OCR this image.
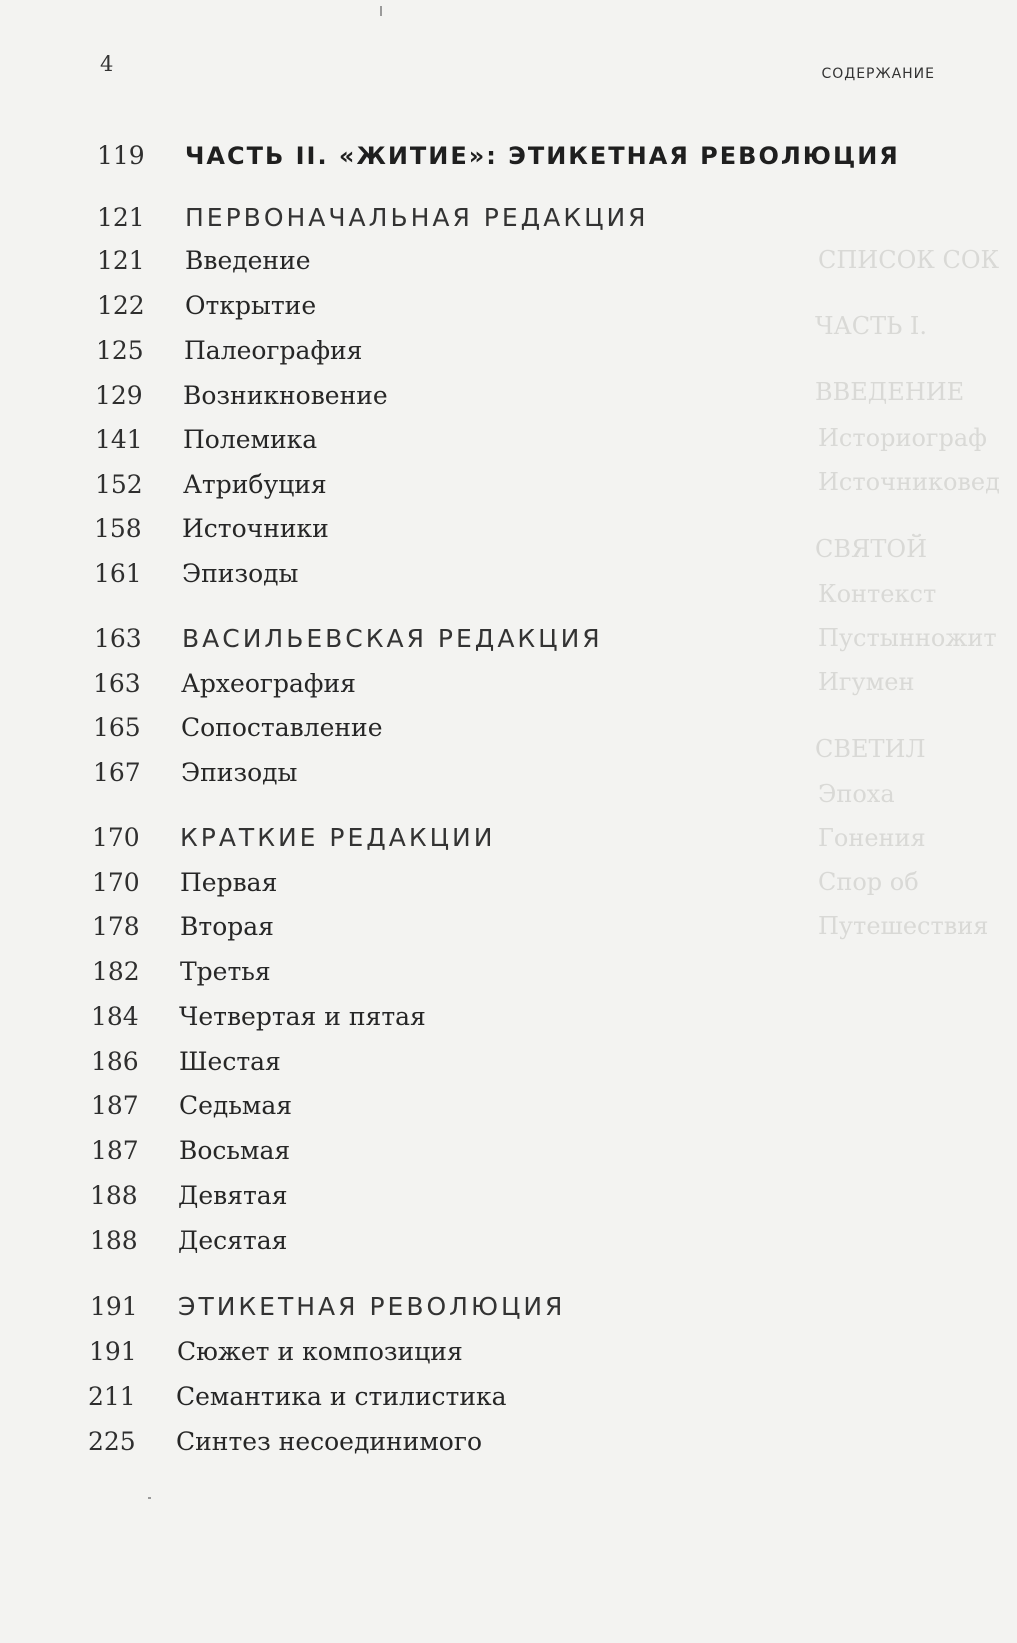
СПИСОК СОК
ЧАСТЬ I.
ВВЕДЕНИЕ
Историограф
Источниковед
СВЯТОЙ
Контекст
Пустынножит
Игумен
СВЕТИЛ
Эпоха
Гонения
Спор об
Путешествия
4	СОДЕРЖАНИЕ
119	ЧАСТЬ II. «ЖИТИЕ»: ЭТИКЕТНАЯ РЕВОЛЮЦИЯ
121	ПЕРВОНАЧАЛЬНАЯ РЕДАКЦИЯ
121	Введение
122	Открытие
125	Палеография
129	Возникновение
141	Полемика
152	Атрибуция
158	Источники
161	Эпизоды
163	ВАСИЛЬЕВСКАЯ РЕДАКЦИЯ
163	Археография
165	Сопоставление
167	Эпизоды
170	КРАТКИЕ РЕДАКЦИИ
170	Первая
178	Вторая
182	Третья
184	Четвертая и пятая
186	Шестая
187	Седьмая
187	Восьмая
188	Девятая
188	Десятая
191	ЭТИКЕТНАЯ РЕВОЛЮЦИЯ
191	Сюжет и композиция
211	Семантика и стилистика
225	Синтез несоединимого
